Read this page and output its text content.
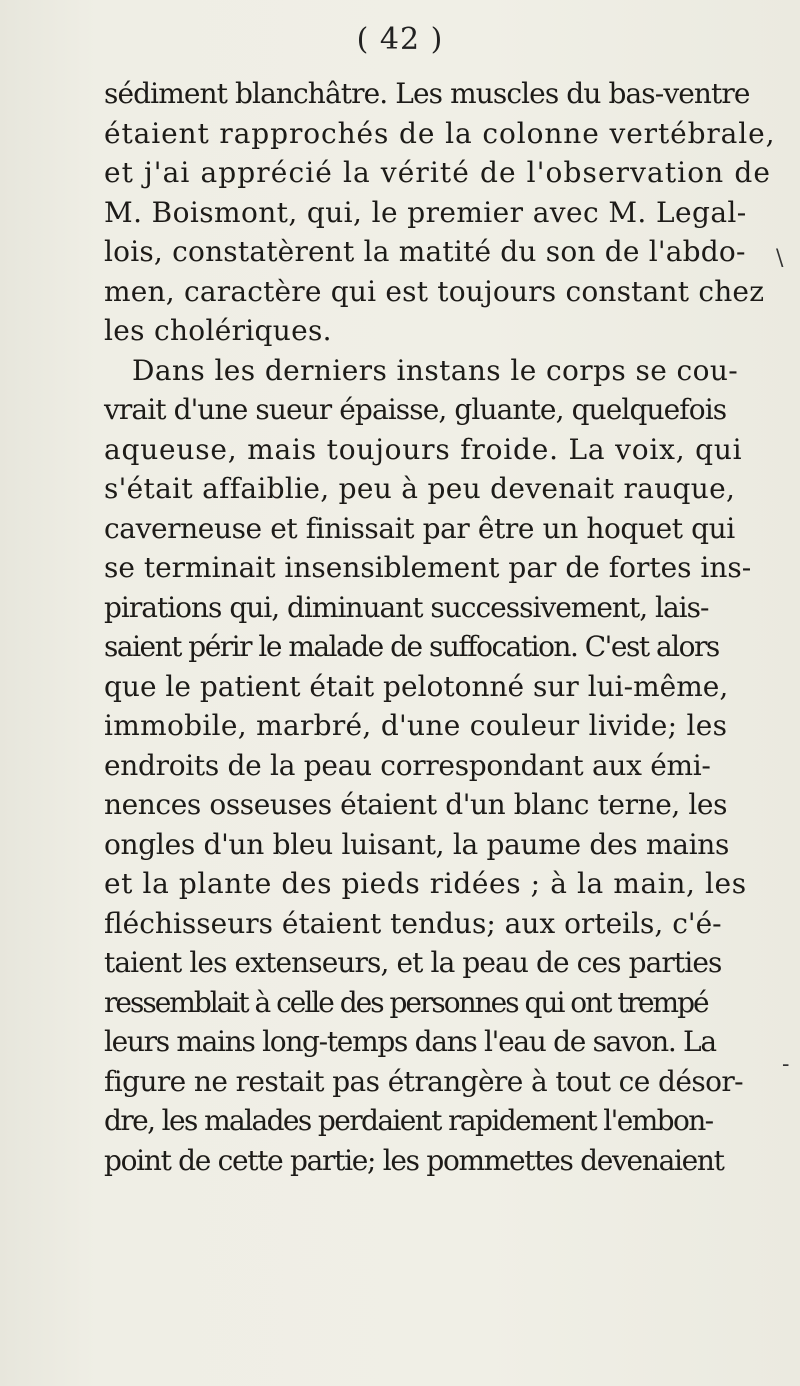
( 42 )
sédiment blanchâtre. Les muscles du bas-ventre
étaient rapprochés de la colonne vertébrale,
et j'ai apprécié la vérité de l'observation de
M. Boismont, qui, le premier avec M. Legal-
lois, constatèrent la matité du son de l'abdo-
men, caractère qui est toujours constant chez
les cholériques.
Dans les derniers instans le corps se cou-
vrait d'une sueur épaisse, gluante, quelquefois
aqueuse, mais toujours froide. La voix, qui
s'était affaiblie, peu à peu devenait rauque,
caverneuse et finissait par être un hoquet qui
se terminait insensiblement par de fortes ins-
pirations qui, diminuant successivement, lais-
saient périr le malade de suffocation. C'est alors
que le patient était pelotonné sur lui-même,
immobile, marbré, d'une couleur livide; les
endroits de la peau correspondant aux émi-
nences osseuses étaient d'un blanc terne, les
ongles d'un bleu luisant, la paume des mains
et la plante des pieds ridées ; à la main, les
fléchisseurs étaient tendus; aux orteils, c'é-
taient les extenseurs, et la peau de ces parties
ressemblait à celle des personnes qui ont trempé
leurs mains long-temps dans l'eau de savon. La
figure ne restait pas étrangère à tout ce désor-
dre, les malades perdaient rapidement l'embon-
point de cette partie; les pommettes devenaient
\
-
